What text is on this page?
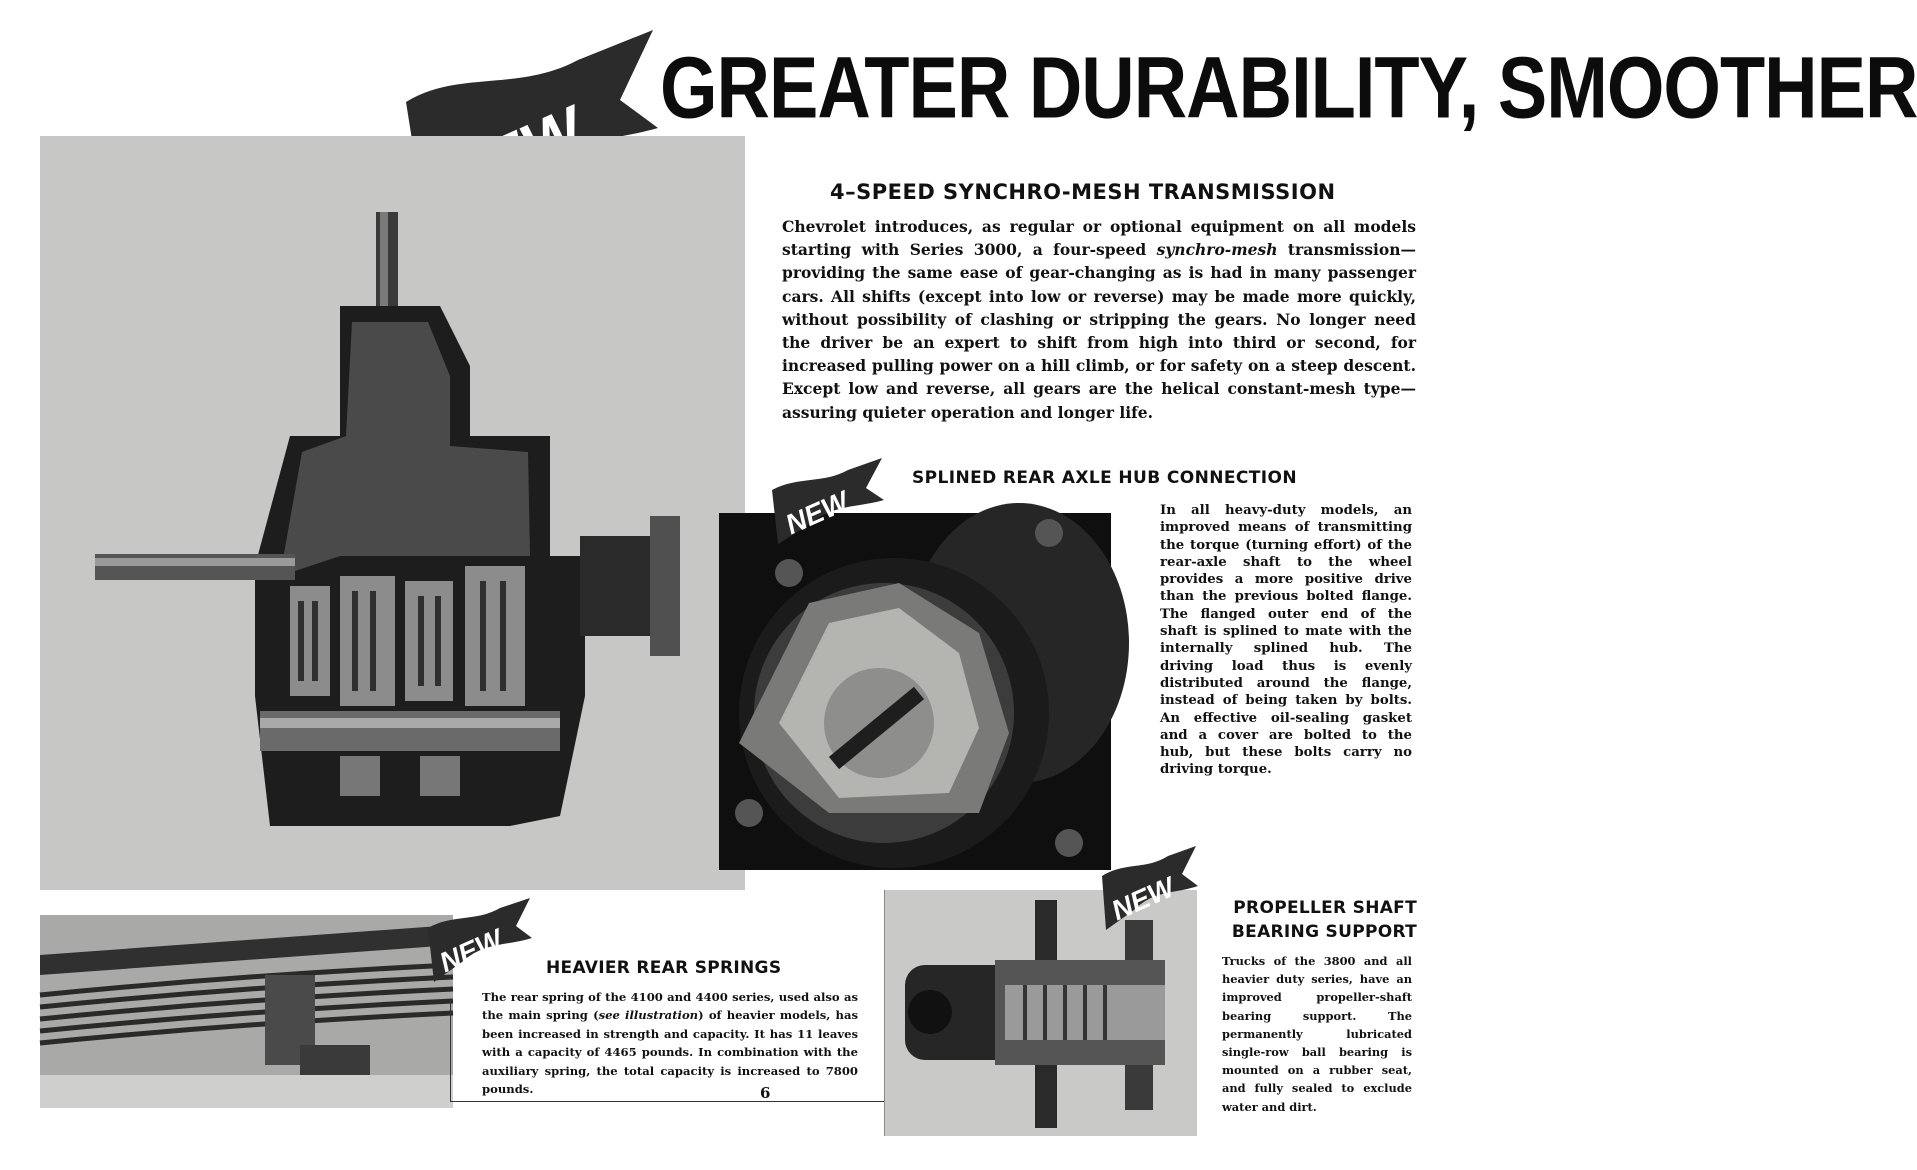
GREATER DURABILITY, SMOOTHER
4–SPEED SYNCHRO-MESH TRANSMISSION
Chevrolet introduces, as regular or optional equipment on all models starting with Series 3000, a four-speed synchro-mesh transmission—providing the same ease of gear-changing as is had in many passenger cars. All shifts (except into low or reverse) may be made more quickly, without possibility of clashing or stripping the gears. No longer need the driver be an expert to shift from high into third or second, for increased pulling power on a hill climb, or for safety on a steep descent. Except low and reverse, all gears are the helical constant-mesh type—assuring quieter operation and longer life.
NEW
SPLINED REAR AXLE HUB CONNECTION
In all heavy-duty models, an improved means of transmitting the torque (turning effort) of the rear-axle shaft to the wheel provides a more positive drive than the previous bolted flange. The flanged outer end of the shaft is splined to mate with the internally splined hub. The driving load thus is evenly distributed around the flange, instead of being taken by bolts. An effective oil-sealing gasket and a cover are bolted to the hub, but these bolts carry no driving torque.
NEW HEAVIER REAR SPRINGS
The rear spring of the 4100 and 4400 series, used also as the main spring (see illustration) of heavier models, has been increased in strength and capacity. It has 11 leaves with a capacity of 4465 pounds. In combination with the auxiliary spring, the total capacity is increased to 7800 pounds.	6
NEW	PROPELLER SHAFT BEARING SUPPORT
Trucks of the 3800 and all heavier duty series, have an improved propeller-shaft bearing support. The permanently lubricated single-row ball bearing is mounted on a rubber seat, and fully sealed to exclude water and dirt.
